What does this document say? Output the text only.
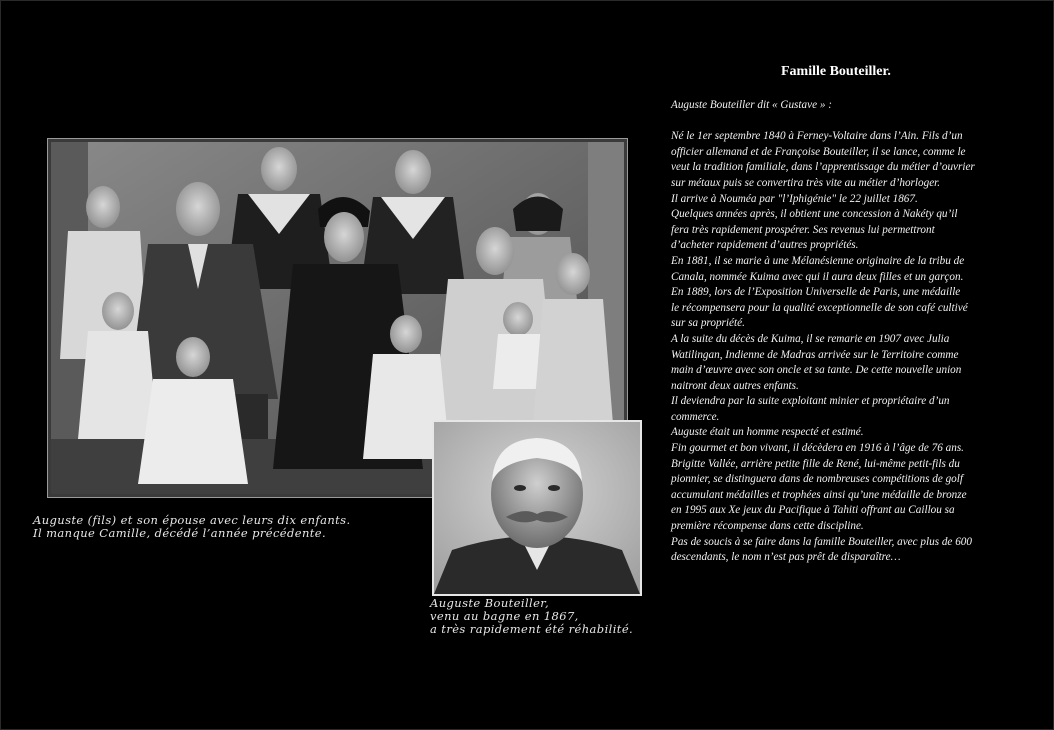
Auguste (fils) et son épouse avec leurs dix enfants.
Il manque Camille, décédé l’année précédente.
Auguste Bouteiller,
venu au bagne en 1867,
a très rapidement été réhabilité.
Famille Bouteiller.
Auguste Bouteiller dit « Gustave » :
Né le 1er septembre 1840 à Ferney-Voltaire dans l’Ain. Fils d’un
officier allemand et de Françoise Bouteiller, il se lance, comme le
veut la tradition familiale, dans l’apprentissage du métier d’ouvrier
sur métaux puis se convertira très vite au métier d’horloger.
Il arrive à Nouméa par "l’Iphigénie" le 22 juillet 1867.
Quelques années après, il obtient une concession à Nakéty qu’il
fera très rapidement prospérer. Ses revenus lui permettront
d’acheter rapidement d’autres propriétés.
En 1881, il se marie à une Mélanésienne originaire de la tribu de
Canala, nommée Kuima avec qui il aura deux filles et un garçon.
En 1889, lors de l’Exposition Universelle de Paris, une médaille
le récompensera pour la qualité exceptionnelle de son café cultivé
sur sa propriété.
A la suite du décès de Kuima, il se remarie en 1907 avec Julia
Watilingan, Indienne de Madras arrivée sur le Territoire comme
main d’œuvre avec son oncle et sa tante. De cette nouvelle union
naitront deux autres enfants.
Il deviendra par la suite exploitant minier et propriétaire d’un
commerce.
Auguste était un homme respecté et estimé.
Fin gourmet et bon vivant, il décèdera en 1916 à l’âge de 76 ans.
Brigitte Vallée, arrière petite fille de René, lui-même petit-fils du
pionnier, se distinguera dans de nombreuses compétitions de golf
accumulant médailles et trophées ainsi qu’une médaille de bronze
en 1995 aux Xe jeux du Pacifique à Tahiti offrant au Caillou sa
première récompense dans cette discipline.
Pas de soucis à se faire dans la famille Bouteiller, avec plus de 600
descendants, le nom n’est pas prêt de disparaître…
